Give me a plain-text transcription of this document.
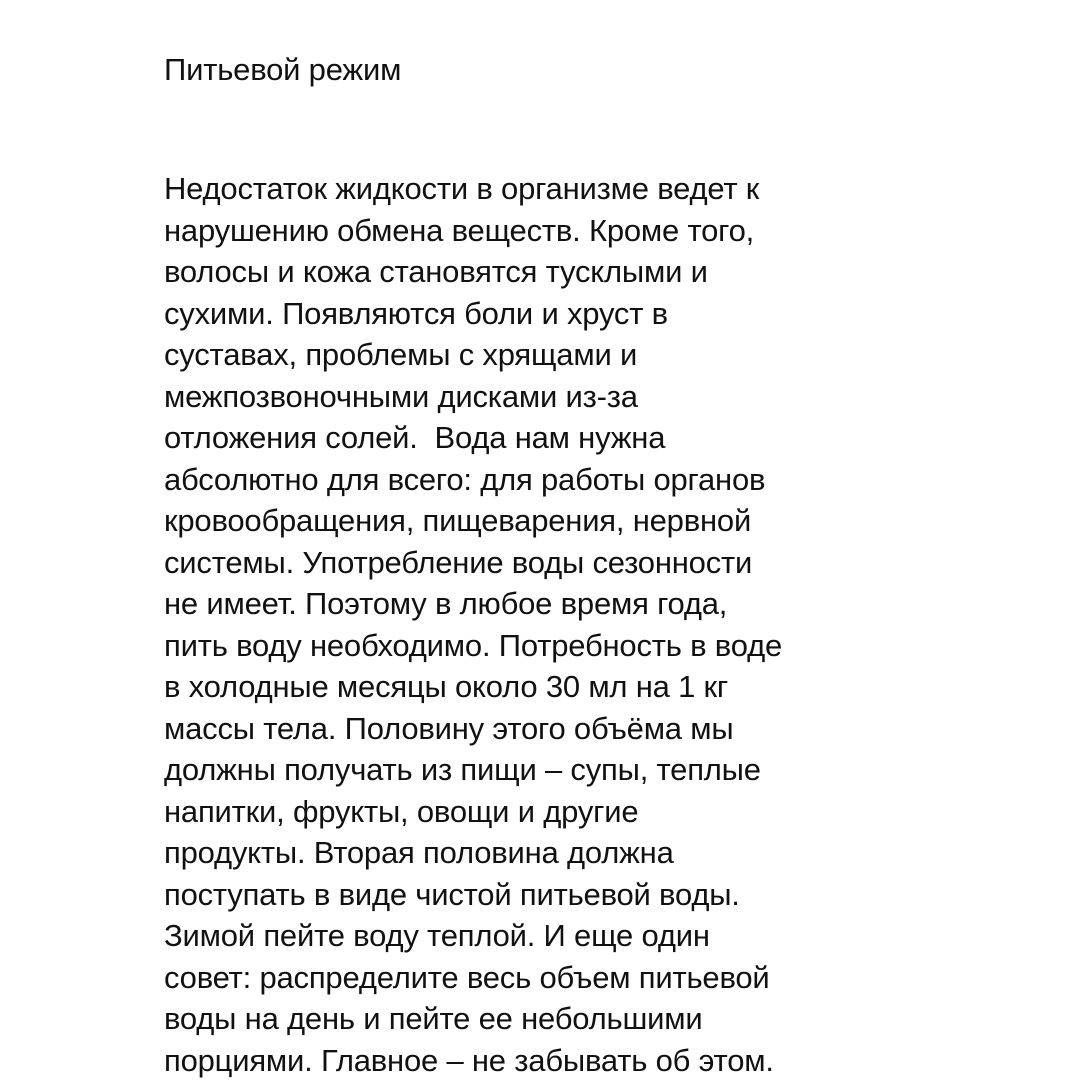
Питьевой режим
Недостаток жидкости в организме ведет к
нарушению обмена веществ. Кроме того,
волосы и кожа становятся тусклыми и
сухими. Появляются боли и хруст в
суставах, проблемы с хрящами и
межпозвоночными дисками из-за
отложения солей.  Вода нам нужна
абсолютно для всего: для работы органов
кровообращения, пищеварения, нервной
системы. Употребление воды сезонности
не имеет. Поэтому в любое время года,
пить воду необходимо. Потребность в воде
в холодные месяцы около 30 мл на 1 кг
массы тела. Половину этого объёма мы
должны получать из пищи – супы, теплые
напитки, фрукты, овощи и другие
продукты. Вторая половина должна
поступать в виде чистой питьевой воды.
Зимой пейте воду теплой. И еще один
совет: распределите весь объем питьевой
воды на день и пейте ее небольшими
порциями. Главное – не забывать об этом.
